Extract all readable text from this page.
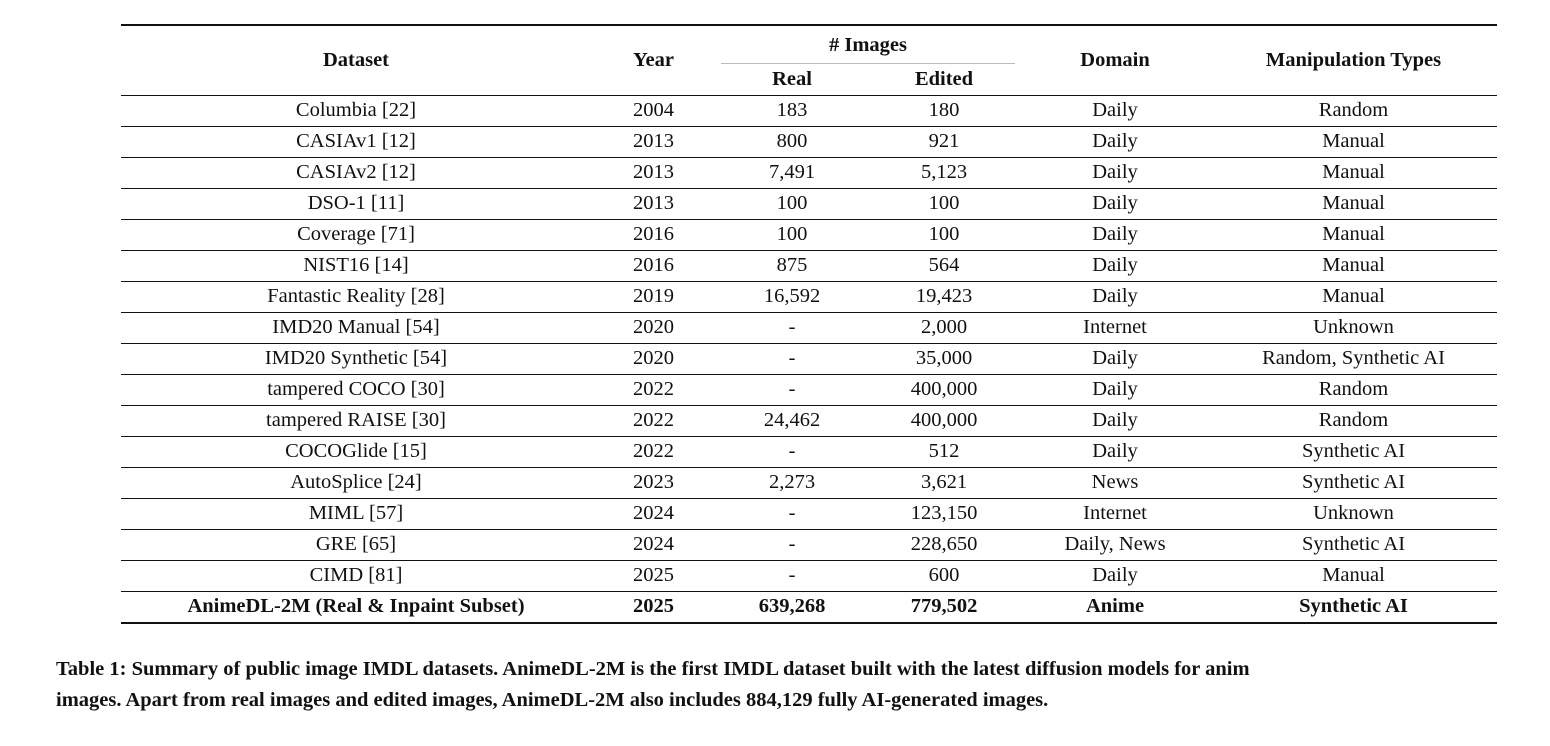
Dataset	Year	# Images		Domain	Manipulation Types
		Real	Edited		
Columbia [22]	2004	183	180	Daily	Random
CASIAv1 [12]	2013	800	921	Daily	Manual
CASIAv2 [12]	2013	7,491	5,123	Daily	Manual
DSO-1 [11]	2013	100	100	Daily	Manual
Coverage [71]	2016	100	100	Daily	Manual
NIST16 [14]	2016	875	564	Daily	Manual
Fantastic Reality [28]	2019	16,592	19,423	Daily	Manual
IMD20 Manual [54]	2020	-	2,000	Internet	Unknown
IMD20 Synthetic [54]	2020	-	35,000	Daily	Random, Synthetic AI
tampered COCO [30]	2022	-	400,000	Daily	Random
tampered RAISE [30]	2022	24,462	400,000	Daily	Random
COCOGlide [15]	2022	-	512	Daily	Synthetic AI
AutoSplice [24]	2023	2,273	3,621	News	Synthetic AI
MIML [57]	2024	-	123,150	Internet	Unknown
GRE [65]	2024	-	228,650	Daily, News	Synthetic AI
CIMD [81]	2025	-	600	Daily	Manual
AnimeDL-2M (Real & Inpaint Subset)	2025	639,268	779,502	Anime	Synthetic AI
Table 1: Summary of public image IMDL datasets. AnimeDL-2M is the first IMDL dataset built with the latest diffusion models for anim
images. Apart from real images and edited images, AnimeDL-2M also includes 884,129 fully AI-generated images.
